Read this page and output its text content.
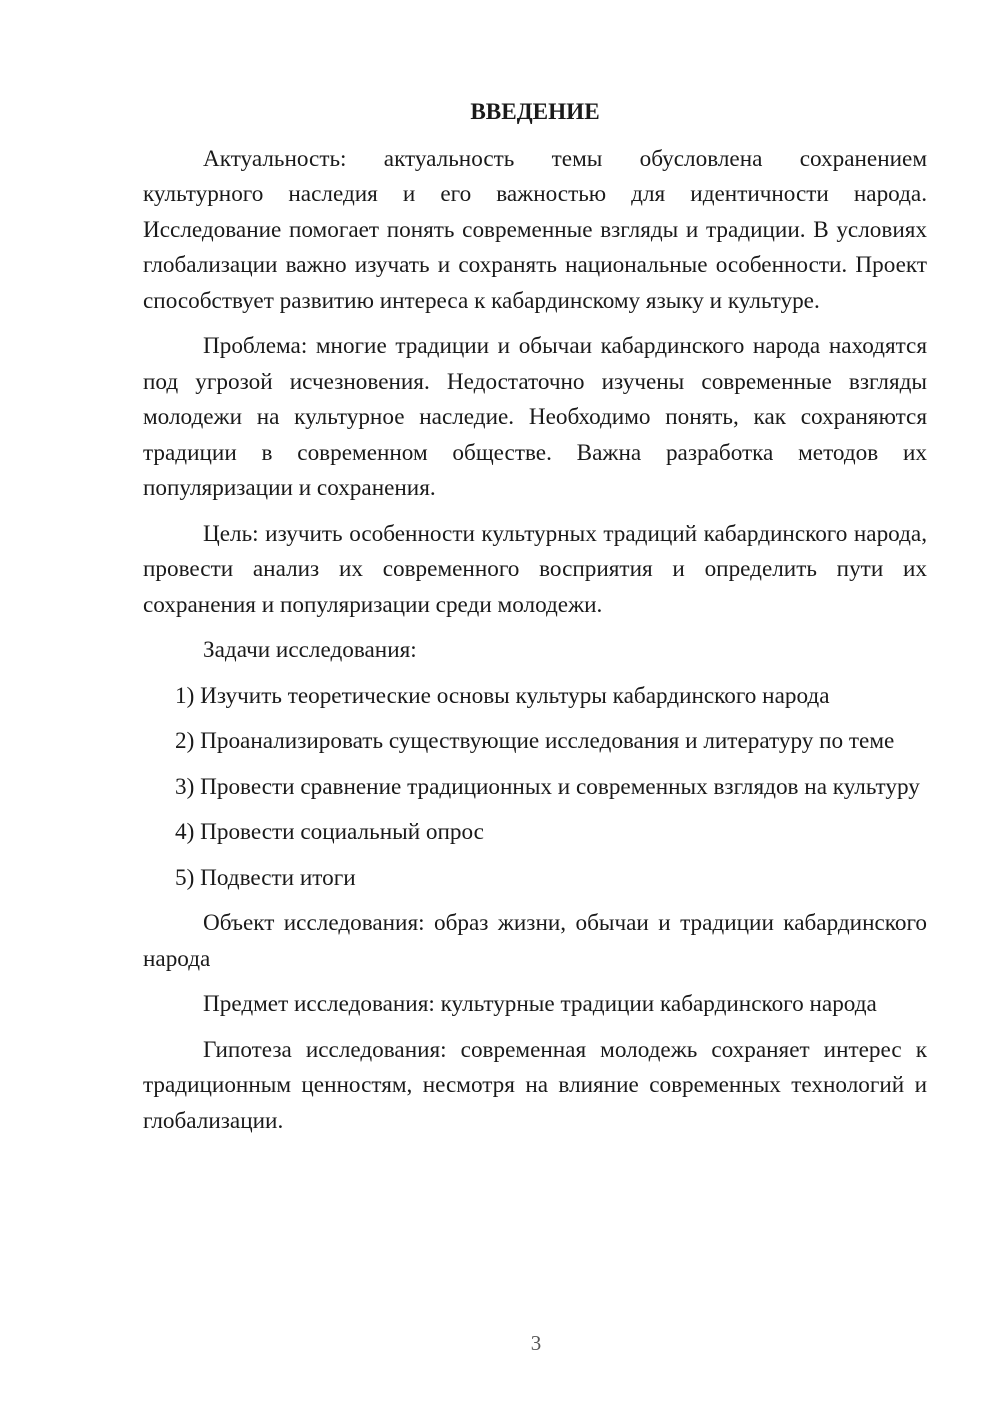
ВВЕДЕНИЕ

Актуальность: актуальность темы обусловлена сохранением культурного наследия и его важностью для идентичности народа. Исследование помогает понять современные взгляды и традиции. В условиях глобализации важно изучать и сохранять национальные особенности. Проект способствует развитию интереса к кабардинскому языку и культуре.

Проблема: многие традиции и обычаи кабардинского народа находятся под угрозой исчезновения. Недостаточно изучены современные взгляды молодежи на культурное наследие. Необходимо понять, как сохраняются традиции в современном обществе. Важна разработка методов их популяризации и сохранения.

Цель: изучить особенности культурных традиций кабардинского народа, провести анализ их современного восприятия и определить пути их сохранения и популяризации среди молодежи.

Задачи исследования:

1) Изучить теоретические основы культуры кабардинского народа

2) Проанализировать существующие исследования и литературу по теме

3) Провести сравнение традиционных и современных взглядов на культуру

4) Провести социальный опрос

5) Подвести итоги

Объект исследования: образ жизни, обычаи и традиции кабардинского народа

Предмет исследования: культурные традиции кабардинского народа

Гипотеза исследования: современная молодежь сохраняет интерес к традиционным ценностям, несмотря на влияние современных технологий и глобализации.

3
